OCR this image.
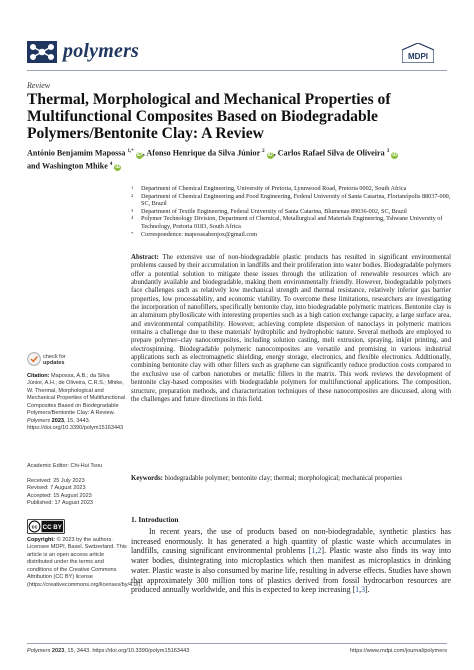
polymers	MDPI
Review
Thermal, Morphological and Mechanical Properties of Multifunctional Composites Based on Biodegradable Polymers/Bentonite Clay: A Review
António Benjamim Mapossa $^{1,*}$ iD, Afonso Henrique da Silva Júnior $^2$ iD, Carlos Rafael Silva de Oliveira $^3$ iD
and Washington Mhike $^4$ iD
1 Department of Chemical Engineering, University of Pretoria, Lynnwood Road, Pretoria 0002, South Africa
2 Department of Chemical Engineering and Food Engineering, Federal University of Santa Catarina, Florianópolis 88037-000, SC, Brazil
3 Department of Textile Engineering, Federal University of Santa Catarina, Blumenau 89036-002, SC, Brazil
4 Polymer Technology Division, Department of Chemical, Metallurgical and Materials Engineering, Tshwane University of Technology, Pretoria 0183, South Africa
* Correspondence: maposssabenjox@gmail.com
Abstract: The extensive use of non-biodegradable plastic products has resulted in significant environmental problems caused by their accumulation in landfills and their proliferation into water bodies. Biodegradable polymers offer a potential solution to mitigate these issues through the utilization of renewable resources which are abundantly available and biodegradable, making them environmentally friendly. However, biodegradable polymers face challenges such as relatively low mechanical strength and thermal resistance, relatively inferior gas barrier properties, low processability, and economic viability. To overcome these limitations, researchers are investigating the incorporation of nanofillers, specifically bentonite clay, into biodegradable polymeric matrices. Bentonite clay is an aluminum phyllosilicate with interesting properties such as a high cation exchange capacity, a large surface area, and environmental compatibility. However, achieving complete dispersion of nanoclays in polymeric matrices remains a challenge due to these materials' hydrophilic and hydrophobic nature. Several methods are employed to prepare polymer–clay nanocomposites, including solution casting, melt extrusion, spraying, inkjet printing, and electrospinning. Biodegradable polymeric nanocomposites are versatile and promising in various industrial applications such as electromagnetic shielding, energy storage, electronics, and flexible electronics. Additionally, combining bentonite clay with other fillers such as graphene can significantly reduce production costs compared to the exclusive use of carbon nanotubes or metallic fillers in the matrix. This work reviews the development of bentonite clay-based composites with biodegradable polymers for multifunctional applications. The composition, structure, preparation methods, and characterization techniques of these nanocomposites are discussed, along with the challenges and future directions in this field.
Keywords: biodegradable polymer; bentonite clay; thermal; morphological; mechanical properties
check for
updates
Citation: Mapossa, A.B.; da Silva Júnior, A.H.; de Oliveira, C.R.S.; Mhike, W. Thermal, Morphological and Mechanical Properties of Multifunctional Composites Based on Biodegradable Polymers/Bentonite Clay: A Review. Polymers 2023, 15, 3443. https://doi.org/10.3390/polym15163443
Academic Editor: Chi-Hui Tsou
Received: 25 July 2023
Revised: 7 August 2023
Accepted: 15 August 2023
Published: 17 August 2023
cc CC BY
Copyright: © 2023 by the authors. Licensee MDPI, Basel, Switzerland. This article is an open access article distributed under the terms and conditions of the Creative Commons Attribution (CC BY) license (https://creativecommons.org/licenses/by/4.0/).
1. Introduction
In recent years, the use of products based on non-biodegradable, synthetic plastics has increased enormously. It has generated a high quantity of plastic waste which accumulates in landfills, causing significant environmental problems [1,2]. Plastic waste also finds its way into water bodies, disintegrating into microplastics which then manifest as microplastics in drinking water. Plastic waste is also consumed by marine life, resulting in adverse effects. Studies have shown that approximately 300 million tons of plastics derived from fossil hydrocarbon resources are produced annually worldwide, and this is expected to keep increasing [1,3].
Polymers 2023, 15, 3443. https://doi.org/10.3390/polym15163443	https://www.mdpi.com/journal/polymers
